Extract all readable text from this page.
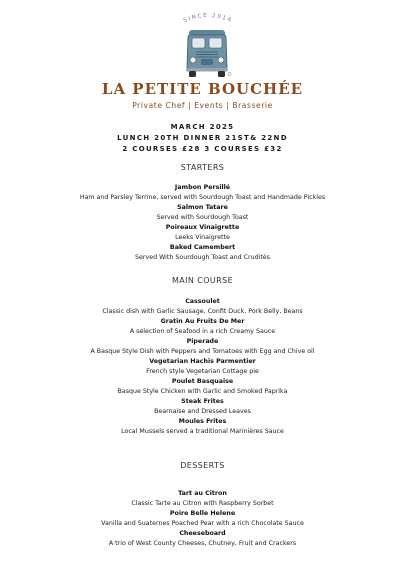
SINCE 2014
LA PETITE BOUCHÉE
Private Chef | Events | Brasserie
MARCH 2025
LUNCH 20TH DINNER 21ST& 22ND
2 COURSES £28 3 COURSES £32
STARTERS
Jambon Persillé
Ham and Parsley Terrine, served with Sourdough Toast and Handmade Pickles
Salmon Tatare
Served with Sourdough Toast
Poireaux Vinaigrette
Leeks Vinaigrette
Baked Camembert
Served With Sourdough Toast and Crudités
MAIN COURSE
Cassoulet
Classic dish with Garlic Sausage, Confit Duck, Pork Belly, Beans
Gratin Au Fruits De Mer
A selection of Seafood in a rich Creamy Sauce
Piperade
A Basque Style Dish with Peppers and Tomatoes with Egg and Chive oil
Vegetarian Hachis Parmentier
French style Vegetarian Cottage pie
Poulet Basquaise
Basque Style Chicken with Garlic and Smoked Paprika
Steak Frites
Bearnaise and Dressed Leaves
Moules Frites
Local Mussels served a traditional Marinières Sauce
DESSERTS
Tart au Citron
Classic Tarte au Citron with Raspberry Sorbet
Poire Belle Helene
Vanilla and Suaternes Poached Pear with a rich Chocolate Sauce
Cheeseboard
A trio of West County Cheeses, Chutney, Fruit and Crackers
